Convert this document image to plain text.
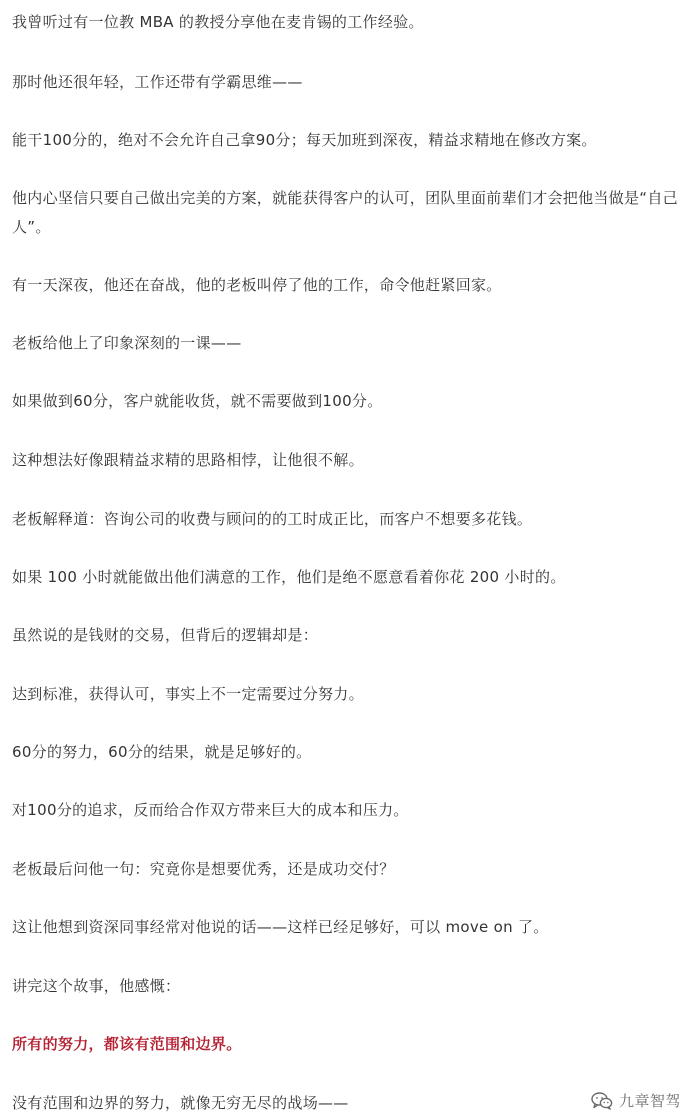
我曾听过有一位教 MBA 的教授分享他在麦肯锡的工作经验。

那时他还很年轻，工作还带有学霸思维——

能干100分的，绝对不会允许自己拿90分；每天加班到深夜，精益求精地在修改方案。

他内心坚信只要自己做出完美的方案，就能获得客户的认可，团队里面前辈们才会把他当做是“自己人”。

有一天深夜，他还在奋战，他的老板叫停了他的工作，命令他赶紧回家。

老板给他上了印象深刻的一课——

如果做到60分，客户就能收货，就不需要做到100分。

这种想法好像跟精益求精的思路相悖，让他很不解。

老板解释道：咨询公司的收费与顾问的的工时成正比，而客户不想要多花钱。

如果 100 小时就能做出他们满意的工作，他们是绝不愿意看着你花 200 小时的。

虽然说的是钱财的交易，但背后的逻辑却是：

达到标准，获得认可，事实上不一定需要过分努力。

60分的努力，60分的结果，就是足够好的。

对100分的追求，反而给合作双方带来巨大的成本和压力。

老板最后问他一句：究竟你是想要优秀，还是成功交付？

这让他想到资深同事经常对他说的话——这样已经足够好，可以 move on 了。

讲完这个故事，他感慨：

所有的努力，都该有范围和边界。

没有范围和边界的努力，就像无穷无尽的战场——	九章智驾
